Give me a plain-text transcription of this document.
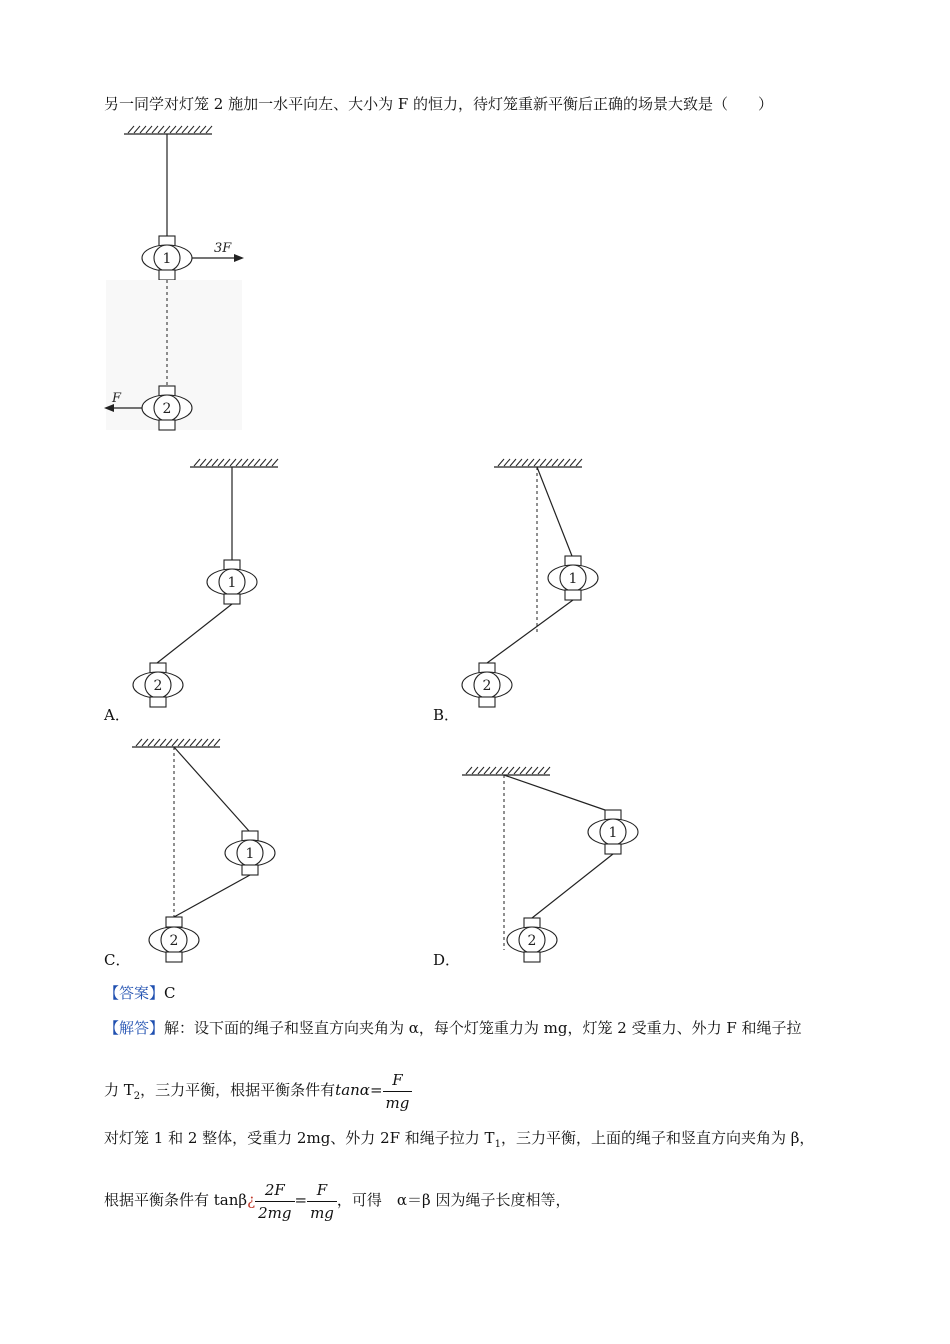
另一同学对灯笼 2 施加一水平向左、大小为 F 的恒力，待灯笼重新平衡后正确的场景大致是（　　）
1
3F
2
F
1
2
A．
1
2
B．
1
2
C．
1
2
D．
【答案】C
【解答】解：设下面的绳子和竖直方向夹角为 α，每个灯笼重力为 mg，灯笼 2 受重力、外力 F 和绳子拉
力 $T_2$，三力平衡，根据平衡条件有$\tan\alpha= \frac{F}{mg}$
对灯笼 1 和 2 整体，受重力 2mg、外力 2F 和绳子拉力 $T_1$，三力平衡，上面的绳子和竖直方向夹角为 β，
根据平衡条件有 tanβ¿ $\frac{2F}{2mg} = \frac{F}{mg}$ ，可得　α＝β 因为绳子长度相等，
